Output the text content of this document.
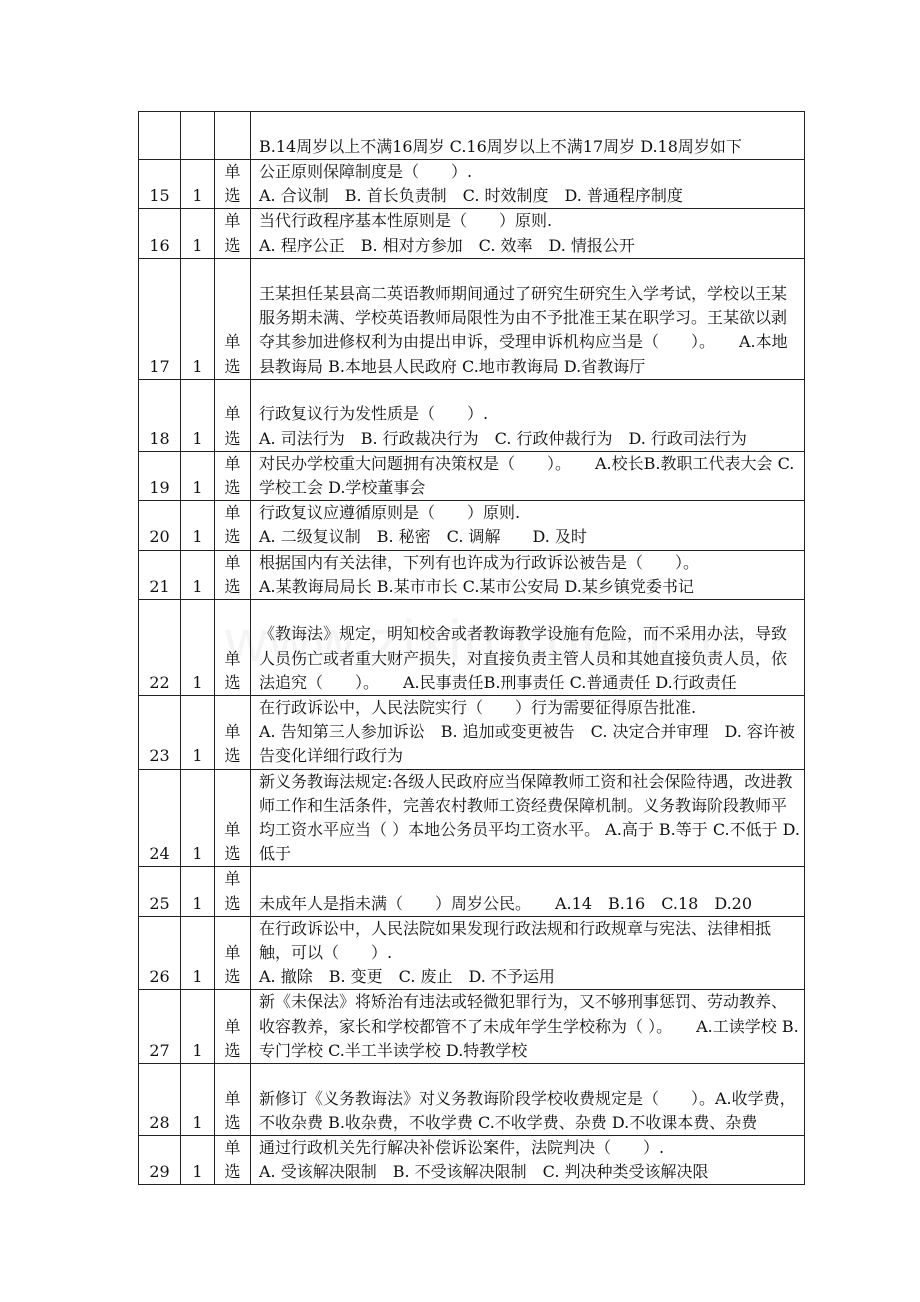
			B.14周岁以上不满16周岁 C.16周岁以上不满17周岁 D.18周岁如下

15	1	单选	公正原则保障制度是（　　）.
A. 合议制　B. 首长负责制　C. 时效制度　D. 普通程序制度

16	1	单选	当代行政程序基本性原则是（　　）原则.
A. 程序公正　B. 相对方参加　C. 效率　D. 情报公开

17	1	单选	王某担任某县高二英语教师期间通过了研究生研究生入学考试，学校以王某服务期未满、学校英语教师局限性为由不予批准王某在职学习。王某欲以剥夺其参加进修权利为由提出申诉，受理申诉机构应当是（　　）。　　A.本地县教诲局 B.本地县人民政府 C.地市教诲局 D.省教诲厅

18	1	单选	行政复议行为发性质是（　　）.
A. 司法行为　B. 行政裁决行为　C. 行政仲裁行为　D. 行政司法行为

19	1	单选	对民办学校重大问题拥有决策权是（　　）。　　A.校长B.教职工代表大会 C.学校工会 D.学校董事会

20	1	单选	行政复议应遵循原则是（　　）原则.
A. 二级复议制　B. 秘密　C. 调解　　D. 及时

21	1	单选	根据国内有关法律，下列有也许成为行政诉讼被告是（　　）。
A.某教诲局局长 B.某市市长 C.某市公安局 D.某乡镇党委书记

22	1	单选	《教诲法》规定，明知校舍或者教诲教学设施有危险，而不采用办法，导致人员伤亡或者重大财产损失，对直接负责主管人员和其她直接负责人员，依法追究（　　）。　　A.民事责任B.刑事责任 C.普通责任 D.行政责任

23	1	单选	在行政诉讼中，人民法院实行（　　）行为需要征得原告批准.
A. 告知第三人参加诉讼　B. 追加或变更被告　C. 决定合并审理　D. 容许被告变化详细行政行为

24	1	单选	新义务教诲法规定:各级人民政府应当保障教师工资和社会保险待遇，改进教师工作和生活条件，完善农村教师工资经费保障机制。义务教诲阶段教师平均工资水平应当（ ）本地公务员平均工资水平。 A.高于 B.等于 C.不低于 D.低于

25	1	单选	
未成年人是指未满（　　）周岁公民。　　A.14　B.16　C.18　D.20

26	1	单选	在行政诉讼中，人民法院如果发现行政法规和行政规章与宪法、法律相抵触，可以（　　）.
A. 撤除　B. 变更　C. 废止　D. 不予运用

27	1	单选	新《未保法》将矫治有违法或轻微犯罪行为，又不够刑事惩罚、劳动教养、收容教养，家长和学校都管不了未成年学生学校称为（ ）。　　A.工读学校 B.专门学校 C.半工半读学校 D.特教学校

28	1	单选	新修订《义务教诲法》对义务教诲阶段学校收费规定是（　　）。A.收学费，不收杂费 B.收杂费，不收学费 C.不收学费、杂费 D.不收课本费、杂费

29	1	单选	通过行政机关先行解决补偿诉讼案件，法院判决（　　）.
A. 受该解决限制　B. 不受该解决限制　C. 判决种类受该解决限
